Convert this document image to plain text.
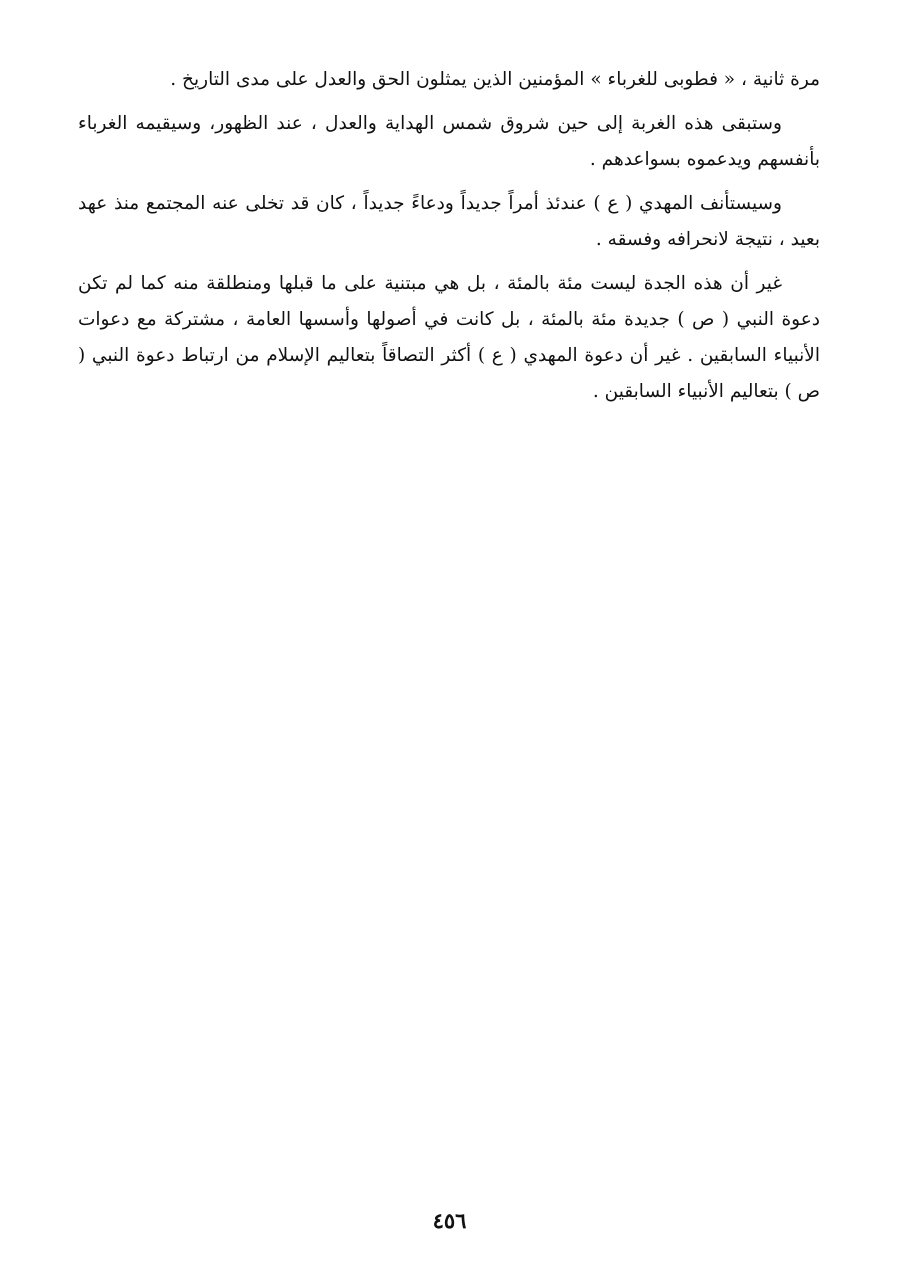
مرة ثانية ، « فطوبى للغرباء » المؤمنين الذين يمثلون الحق والعدل على مدى التاريخ .

وستبقى هذه الغربة إلى حين شروق شمس الهداية والعدل ، عند الظهور، وسيقيمه الغرباء بأنفسهم ويدعموه بسواعدهم .

وسيستأنف المهدي ( ع ) عندئذ أمراً جديداً ودعاءً جديداً ، كان قد تخلى عنه المجتمع منذ عهد بعيد ، نتيجة لانحرافه وفسقه .

غير أن هذه الجدة ليست مئة بالمئة ، بل هي مبتنية على ما قبلها ومنطلقة منه كما لم تكن دعوة النبي ( ص ) جديدة مئة بالمئة ، بل كانت في أصولها وأسسها العامة ، مشتركة مع دعوات الأنبياء السابقين . غير أن دعوة المهدي ( ع ) أكثر التصاقاً بتعاليم الإسلام من ارتباط دعوة النبي ( ص ) بتعاليم الأنبياء السابقين .

٤٥٦
